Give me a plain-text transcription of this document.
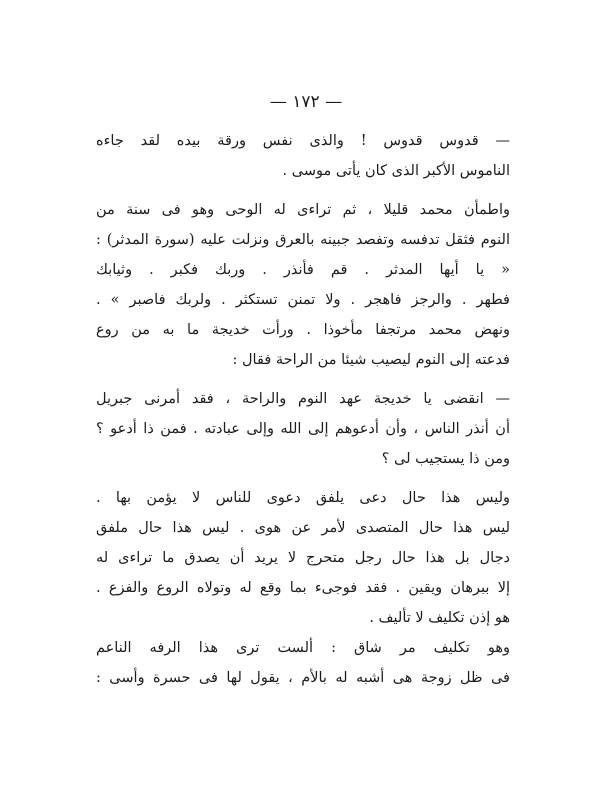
— ١٧٢ —
— قدوس قدوس ! والذى نفس ورقة بيده لقد جاءه
الناموس الأكبر الذى كان يأتى موسى .
واطمأن محمد قليلا ، ثم تراءى له الوحى وهو فى سنة من
النوم فثقل تدفسه وتفصد جبينه بالعرق ونزلت عليه (سورة المدثر) :
« يا أيها المدثر . قم فأنذر . وربك فكبر . وثيابك
فطهر . والرجز فاهجر . ولا تمنن تستكثر . ولربك فاصبر » .
ونهض محمد مرتجفا مأخوذا . ورأت خديجة ما به من روع
فدعته إلى النوم ليصيب شيئا من الراحة فقال :
— انقضى يا خديجة عهد النوم والراحة ، فقد أمرنى جبريل
أن أنذر الناس ، وأن أدعوهم إلى الله وإلى عبادته . فمن ذا أدعو ؟
ومن ذا يستجيب لى ؟
وليس هذا حال دعى يلفق دعوى للناس لا يؤمن بها .
ليس هذا حال المتصدى لأمر عن هوى . ليس هذا حال ملفق
دجال بل هذا حال رجل متحرج لا يريد أن يصدق ما تراءى له
إلا ببرهان ويقين . فقد فوجىء بما وقع له وتولاه الروع والفزع .
هو إذن تكليف لا تأليف .
وهو تكليف مر شاق : ألست ترى هذا الرفه الناعم
فى ظل زوجة هى أشبه له بالأم ، يقول لها فى حسرة وأسى :
